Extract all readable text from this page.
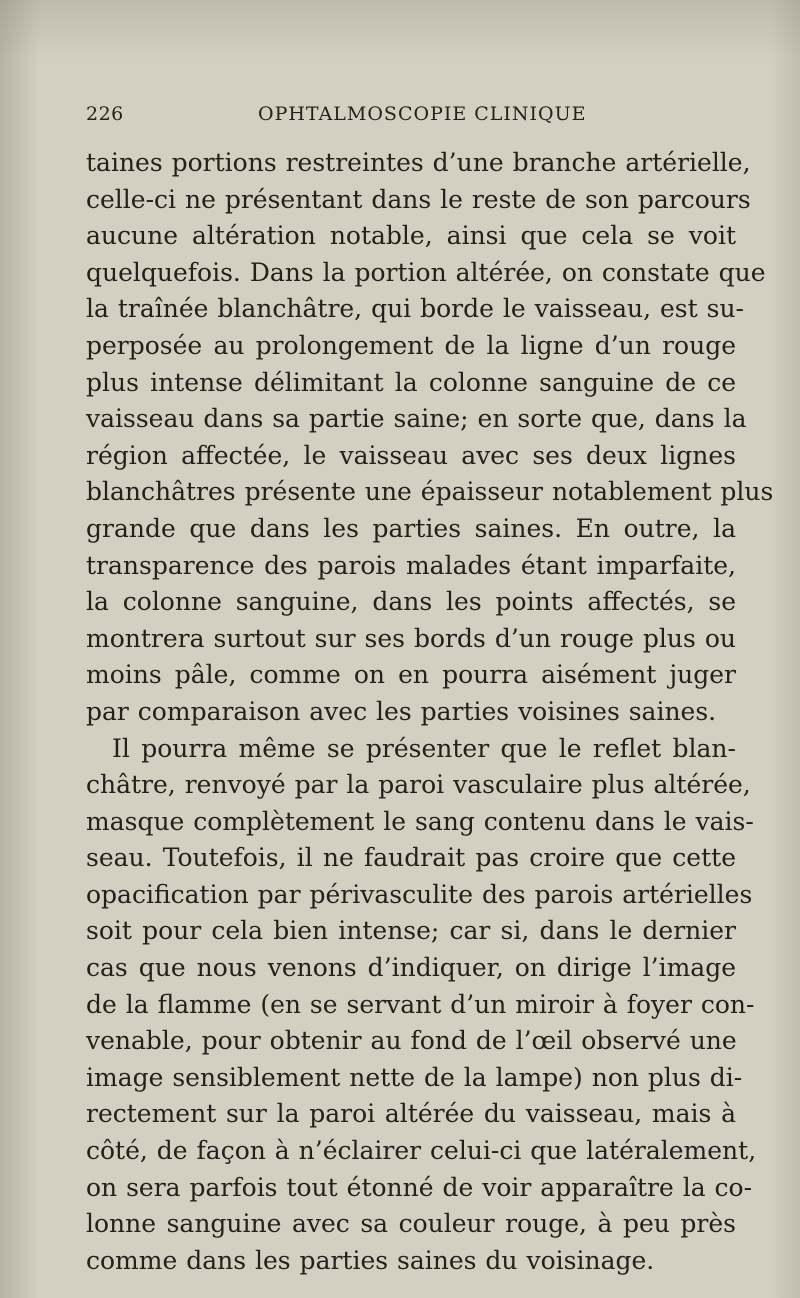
226	OPHTALMOSCOPIE CLINIQUE
taines portions restreintes d’une branche artérielle,
celle-ci ne présentant dans le reste de son parcours
aucune altération notable, ainsi que cela se voit
quelquefois. Dans la portion altérée, on constate que
la traînée blanchâtre, qui borde le vaisseau, est su-
perposée au prolongement de la ligne d’un rouge
plus intense délimitant la colonne sanguine de ce
vaisseau dans sa partie saine; en sorte que, dans la
région affectée, le vaisseau avec ses deux lignes
blanchâtres présente une épaisseur notablement plus
grande que dans les parties saines. En outre, la
transparence des parois malades étant imparfaite,
la colonne sanguine, dans les points affectés, se
montrera surtout sur ses bords d’un rouge plus ou
moins pâle, comme on en pourra aisément juger
par comparaison avec les parties voisines saines.
Il pourra même se présenter que le reflet blan-
châtre, renvoyé par la paroi vasculaire plus altérée,
masque complètement le sang contenu dans le vais-
seau. Toutefois, il ne faudrait pas croire que cette
opacification par périvasculite des parois artérielles
soit pour cela bien intense; car si, dans le dernier
cas que nous venons d’indiquer, on dirige l’image
de la flamme (en se servant d’un miroir à foyer con-
venable, pour obtenir au fond de l’œil observé une
image sensiblement nette de la lampe) non plus di-
rectement sur la paroi altérée du vaisseau, mais à
côté, de façon à n’éclairer celui-ci que latéralement,
on sera parfois tout étonné de voir apparaître la co-
lonne sanguine avec sa couleur rouge, à peu près
comme dans les parties saines du voisinage.
